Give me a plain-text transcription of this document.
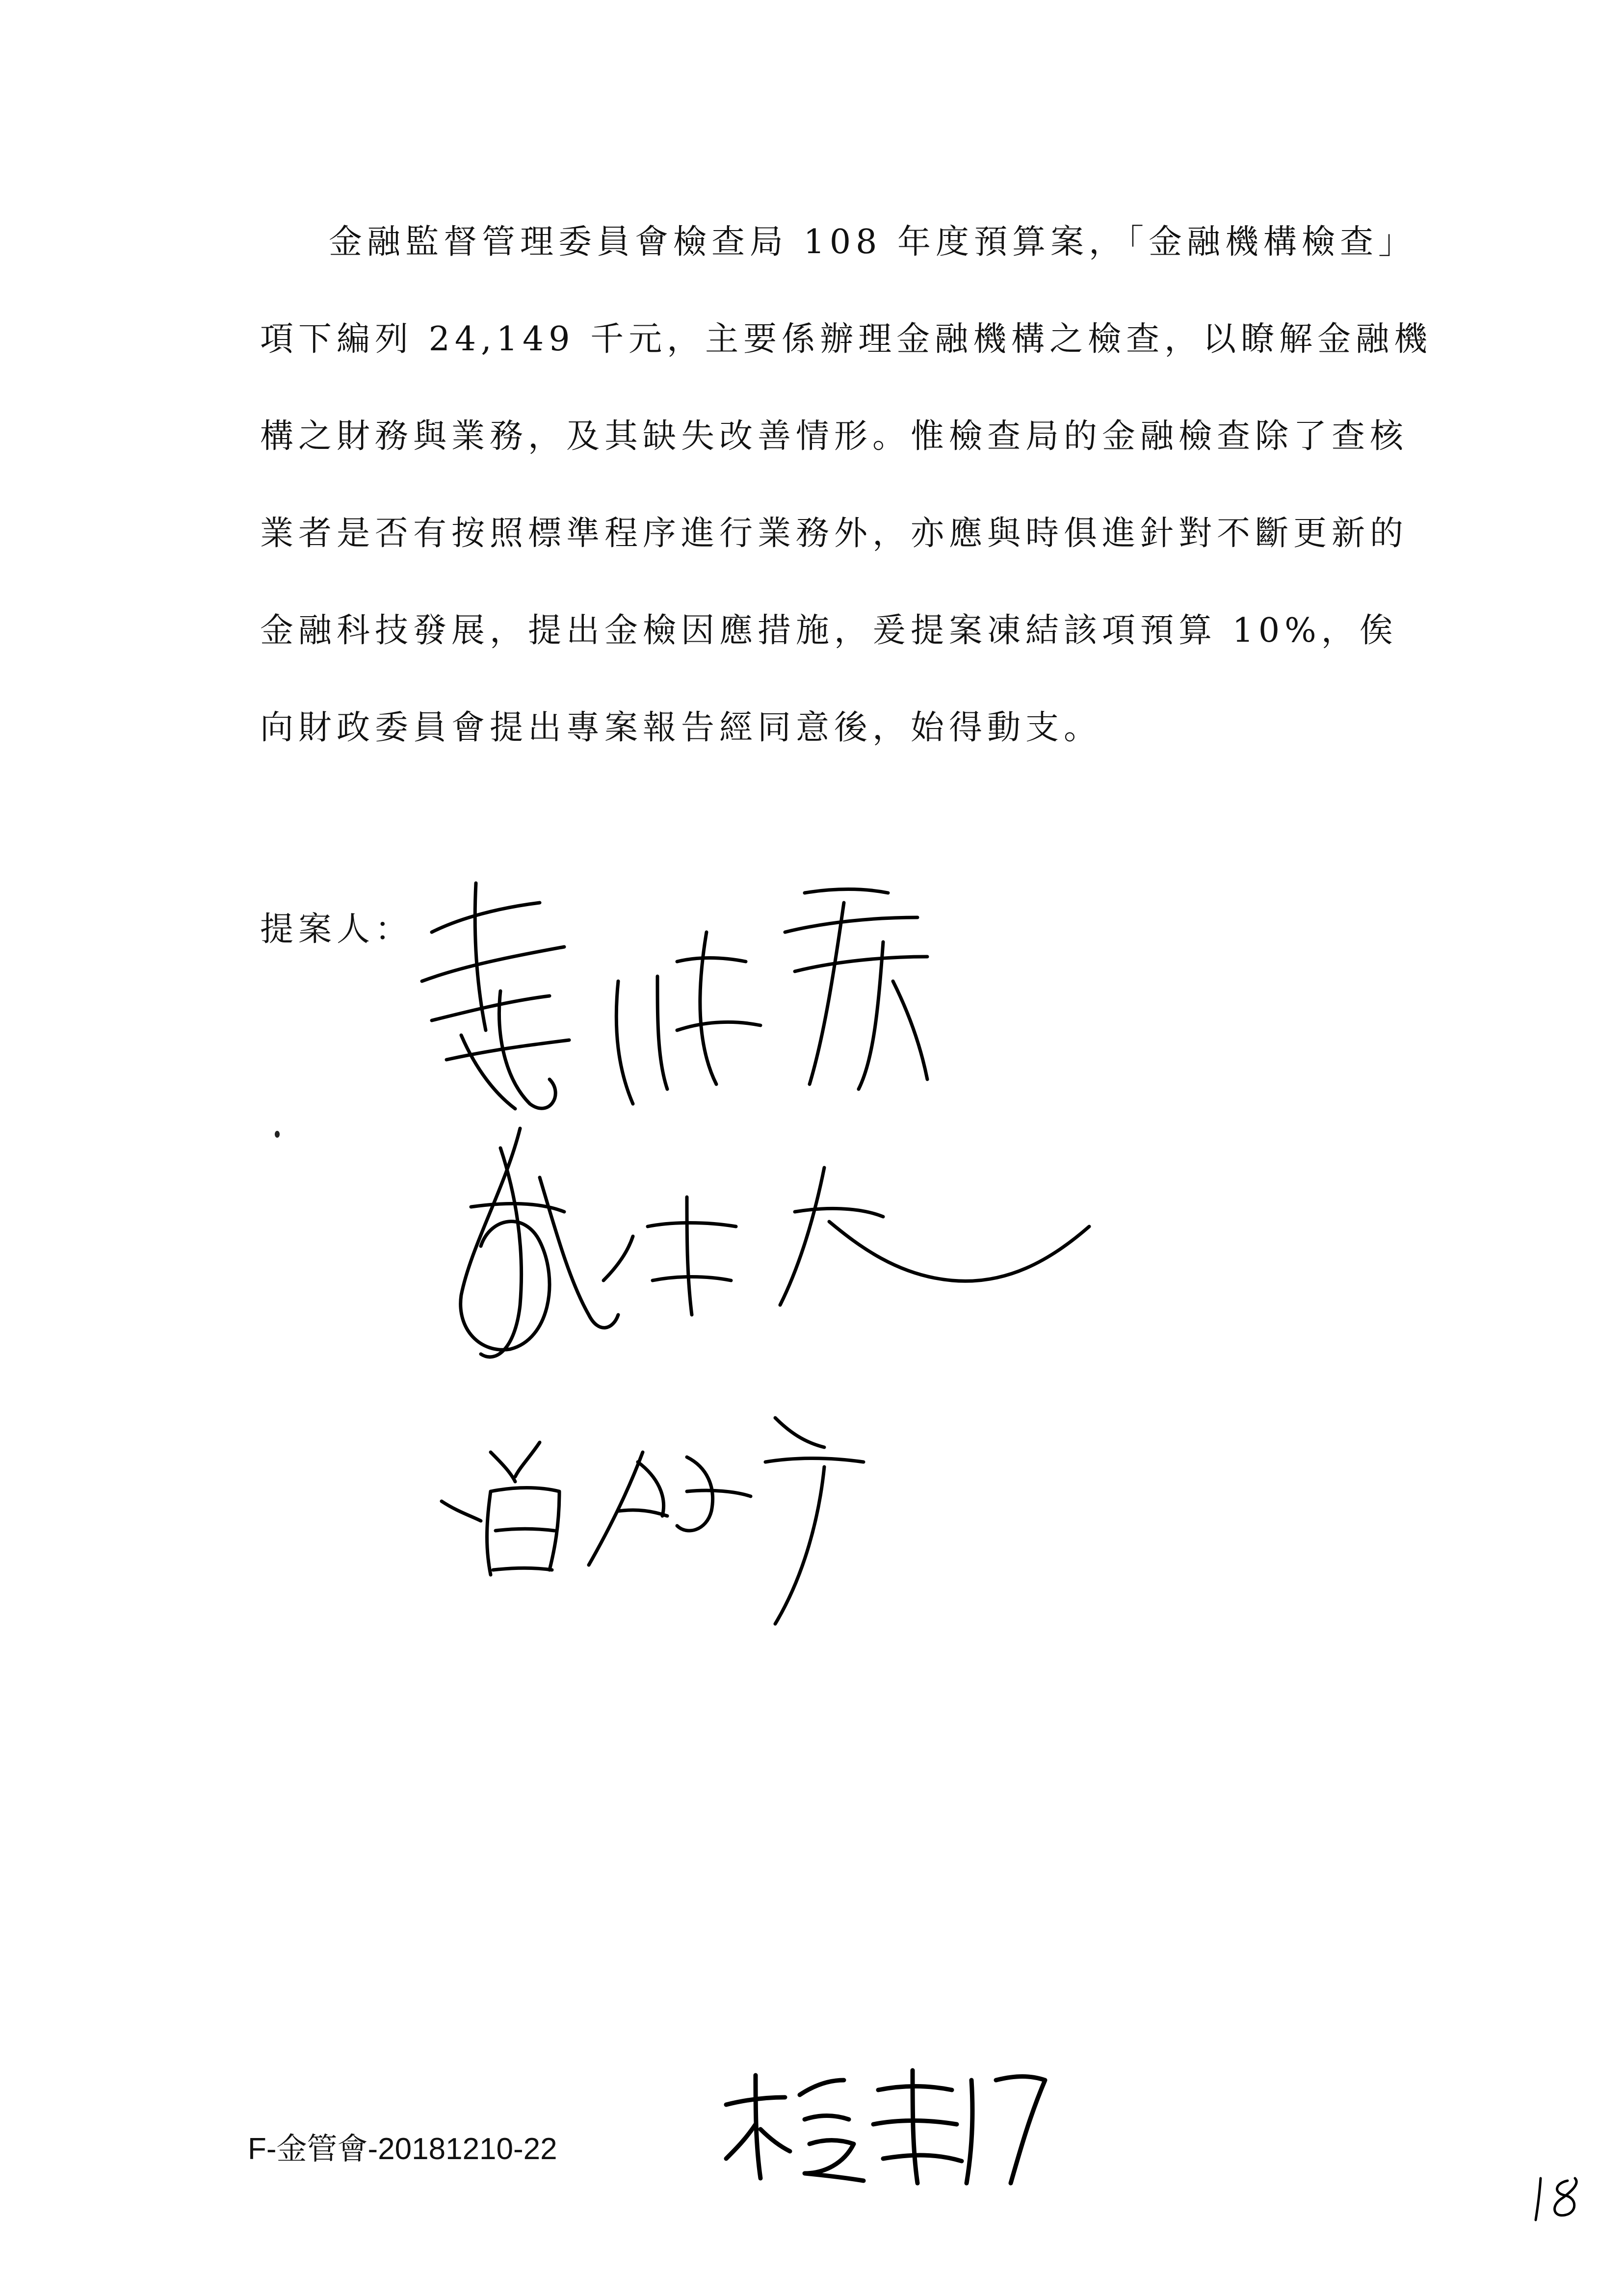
金融監督管理委員會檢查局 108 年度預算案，「金融機構檢查」
項下編列 24,149 千元，主要係辦理金融機構之檢查，以瞭解金融機
構之財務與業務，及其缺失改善情形。惟檢查局的金融檢查除了查核
業者是否有按照標準程序進行業務外，亦應與時俱進針對不斷更新的
金融科技發展，提出金檢因應措施，爰提案凍結該項預算 10%，俟
向財政委員會提出專案報告經同意後，始得動支。
提案人：
F-金管會-20181210-22
